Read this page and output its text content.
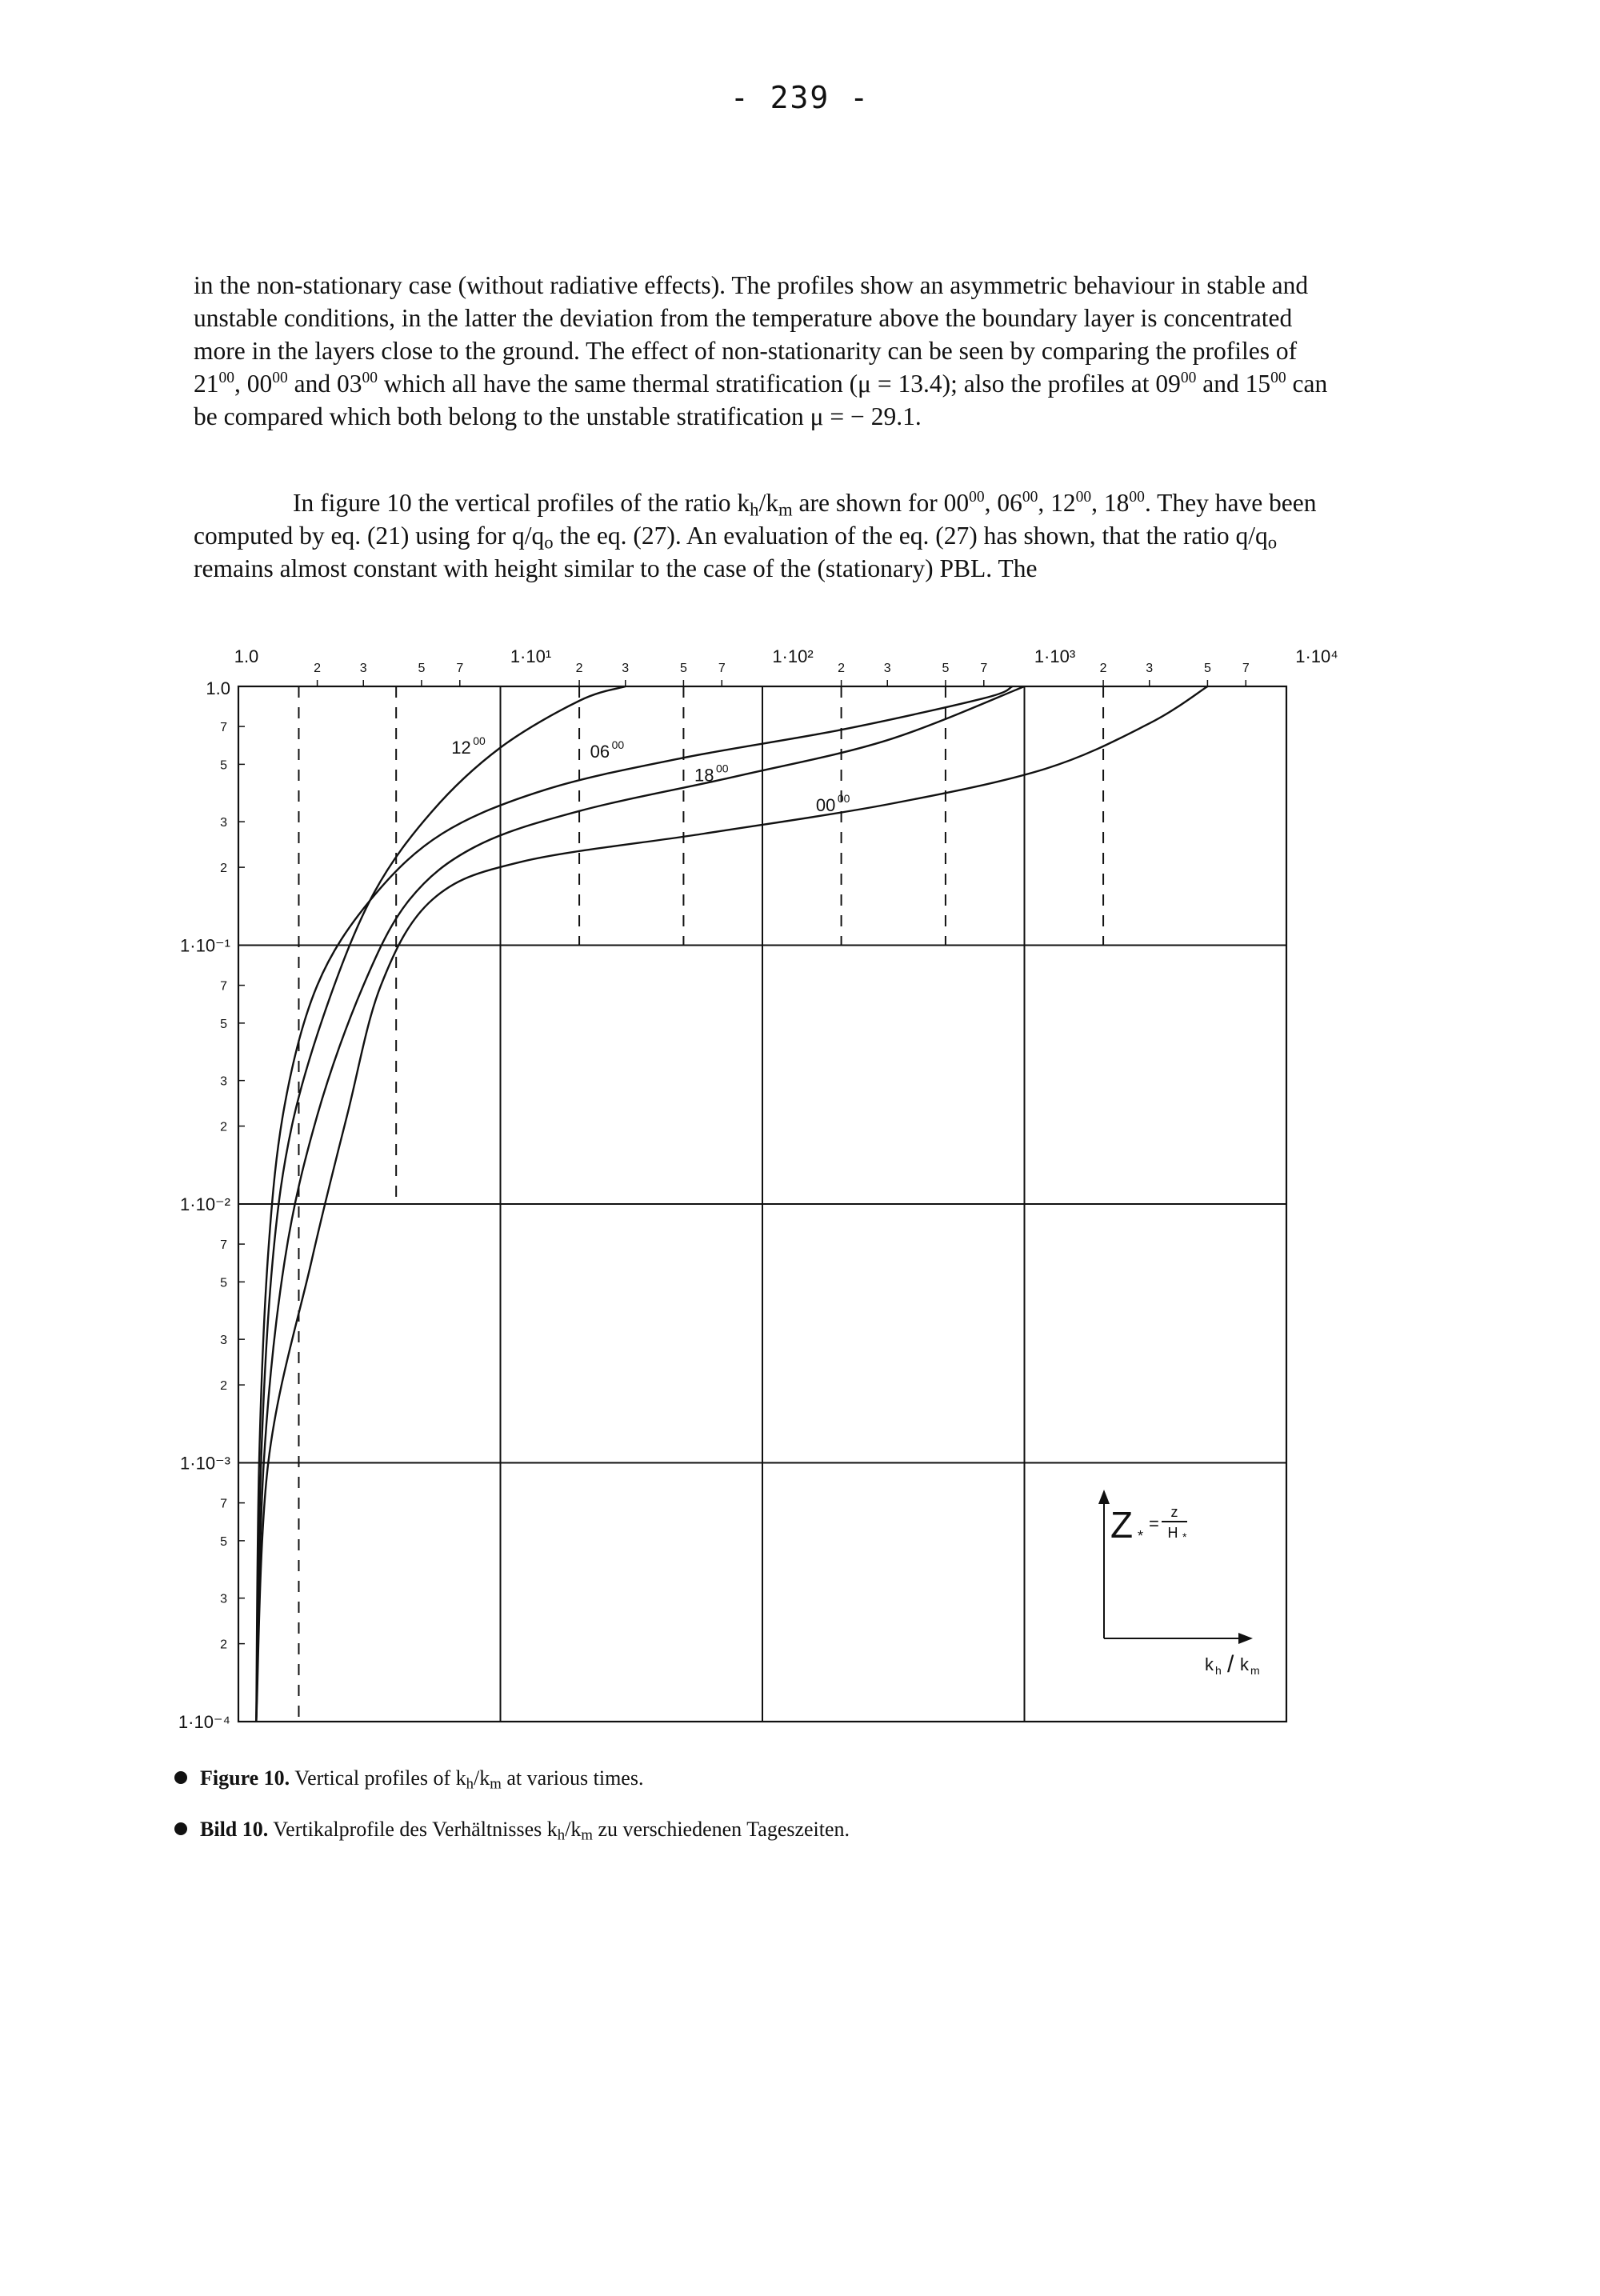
- 239 -

in the non-stationary case (without radiative effects). The profiles show an asymmetric behaviour in stable and unstable conditions, in the latter the deviation from the temperature above the boundary layer is concentrated more in the layers close to the ground. The effect of non-stationarity can be seen by comparing the profiles of $21^{00}$, $00^{00}$ and $03^{00}$ which all have the same thermal stratification (μ = 13.4); also the profiles at $09^{00}$ and $15^{00}$ can be compared which both belong to the unstable stratification μ = − 29.1.

In figure 10 the vertical profiles of the ratio $k_h/k_m$ are shown for $00^{00}$, $06^{00}$, $12^{00}$, $18^{00}$. They have been computed by eq. (21) using for $q/q_o$ the eq. (27). An evaluation of the eq. (27) has shown, that the ratio $q/q_o$ remains almost constant with height similar to the case of the (stationary) PBL. The

2
2
3
3
5
5
7
7
2
2
3
3
5
5
7
7
2
2
3
3
5
5
7
7
2
2
3
3
5
5
7
7
1.0	1·10¹	1·10²	1·10³	1·10⁴
1.0
1·10⁻¹
1·10⁻²
1·10⁻³
1·10⁻⁴
12 00
06 00
18 00
00 00
Z *
=
z
H *
k h / k m
Figure 10. Vertical profiles of $k_h/k_m$ at various times.
Bild 10. Vertikalprofile des Verhältnisses $k_h/k_m$ zu verschiedenen Tageszeiten.
